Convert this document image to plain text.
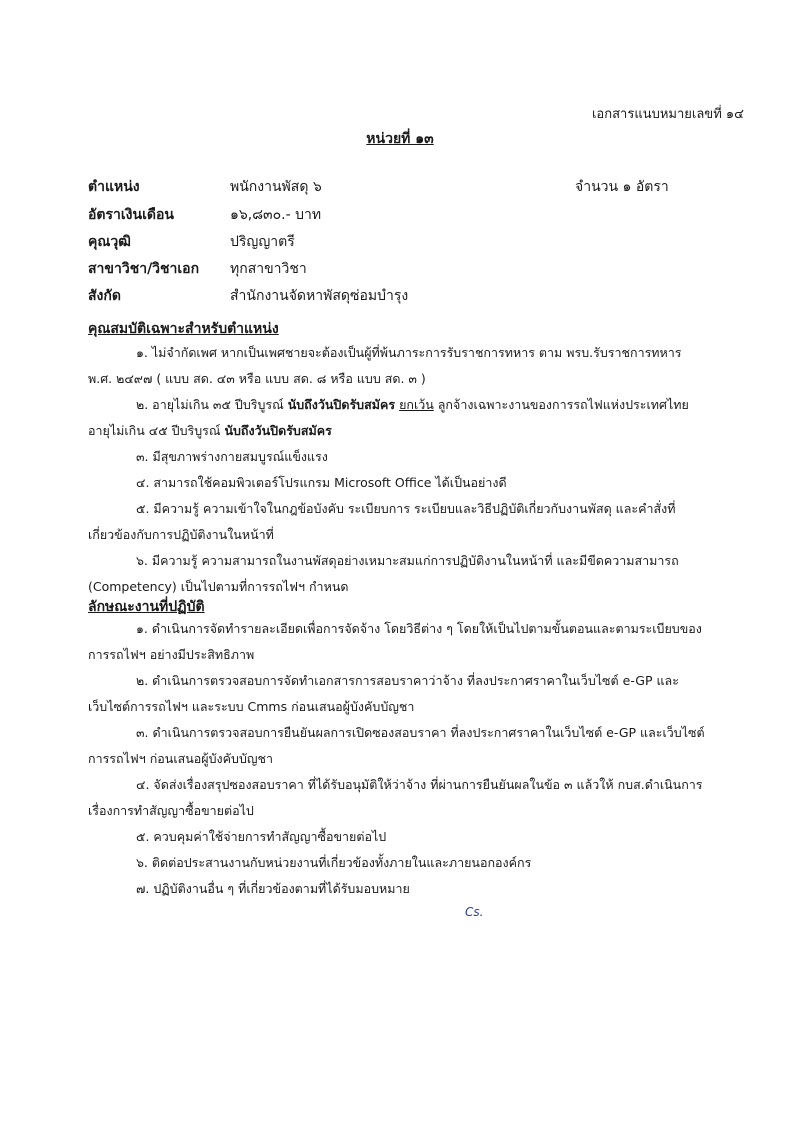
เอกสารแนบหมายเลขที่ ๑๔
หน่วยที่ ๑๓
ตำแหน่ง	พนักงานพัสดุ ๖	จำนวน ๑ อัตรา
อัตราเงินเดือน	๑๖,๘๓๐.- บาท
คุณวุฒิ	ปริญญาตรี
สาขาวิชา/วิชาเอก ทุกสาขาวิชา
สังกัด	สำนักงานจัดหาพัสดุซ่อมบำรุง
คุณสมบัติเฉพาะสำหรับตำแหน่ง
๑. ไม่จำกัดเพศ หากเป็นเพศชายจะต้องเป็นผู้ที่พ้นภาระการรับราชการทหาร ตาม พรบ.รับราชการทหาร
พ.ศ. ๒๔๙๗ ( แบบ สด. ๔๓ หรือ แบบ สด. ๘ หรือ แบบ สด. ๓ )
๒. อายุไม่เกิน ๓๕ ปีบริบูรณ์ นับถึงวันปิดรับสมัคร ยกเว้น ลูกจ้างเฉพาะงานของการรถไฟแห่งประเทศไทย
อายุไม่เกิน ๔๕ ปีบริบูรณ์ นับถึงวันปิดรับสมัคร
๓. มีสุขภาพร่างกายสมบูรณ์แข็งแรง
๔. สามารถใช้คอมพิวเตอร์โปรแกรม Microsoft Office ได้เป็นอย่างดี
๕. มีความรู้ ความเข้าใจในกฎข้อบังคับ ระเบียบการ ระเบียบและวิธีปฏิบัติเกี่ยวกับงานพัสดุ และคำสั่งที่
เกี่ยวข้องกับการปฏิบัติงานในหน้าที่
๖. มีความรู้ ความสามารถในงานพัสดุอย่างเหมาะสมแก่การปฏิบัติงานในหน้าที่ และมีขีดความสามารถ
(Competency) เป็นไปตามที่การรถไฟฯ กำหนด
ลักษณะงานที่ปฏิบัติ
๑. ดำเนินการจัดทำรายละเอียดเพื่อการจัดจ้าง โดยวิธีต่าง ๆ โดยให้เป็นไปตามขั้นตอนและตามระเบียบของ
การรถไฟฯ อย่างมีประสิทธิภาพ
๒. ดำเนินการตรวจสอบการจัดทำเอกสารการสอบราคาว่าจ้าง ที่ลงประกาศราคาในเว็บไซต์ e-GP และ
เว็บไซต์การรถไฟฯ และระบบ Cmms ก่อนเสนอผู้บังคับบัญชา
๓. ดำเนินการตรวจสอบการยืนยันผลการเปิดซองสอบราคา ที่ลงประกาศราคาในเว็บไซต์ e-GP และเว็บไซต์
การรถไฟฯ ก่อนเสนอผู้บังคับบัญชา
๔. จัดส่งเรื่องสรุปซองสอบราคา ที่ได้รับอนุมัติให้ว่าจ้าง ที่ผ่านการยืนยันผลในข้อ ๓ แล้วให้ กบส.ดำเนินการ
เรื่องการทำสัญญาซื้อขายต่อไป
๕. ควบคุมค่าใช้จ่ายการทำสัญญาซื้อขายต่อไป
๖. ติดต่อประสานงานกับหน่วยงานที่เกี่ยวข้องทั้งภายในและภายนอกองค์กร
๗. ปฏิบัติงานอื่น ๆ ที่เกี่ยวข้องตามที่ได้รับมอบหมาย
Cs.
